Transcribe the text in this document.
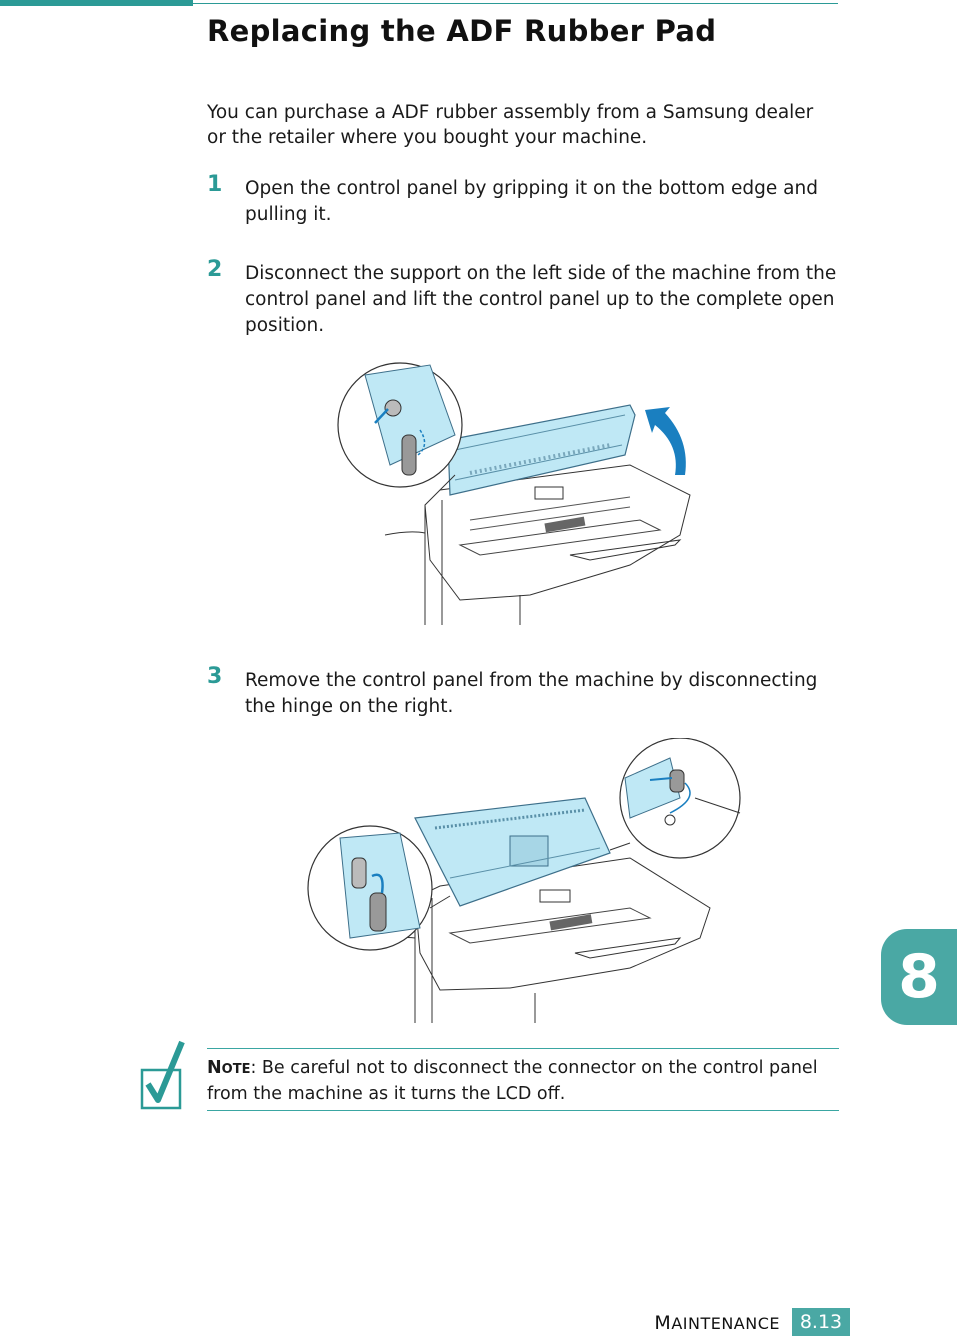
Replacing the ADF Rubber Pad

You can purchase a ADF rubber assembly from a Samsung dealer or the retailer where you bought your machine.

1 Open the control panel by gripping it on the bottom edge and pulling it.
2 Disconnect the support on the left side of the machine from the control panel and lift the control panel up to the complete open position.
3 Remove the control panel from the machine by disconnecting the hinge on the right.
NOTE: Be careful not to disconnect the connector on the control panel from the machine as it turns the LCD off.
8
MAINTENANCE	8.13
